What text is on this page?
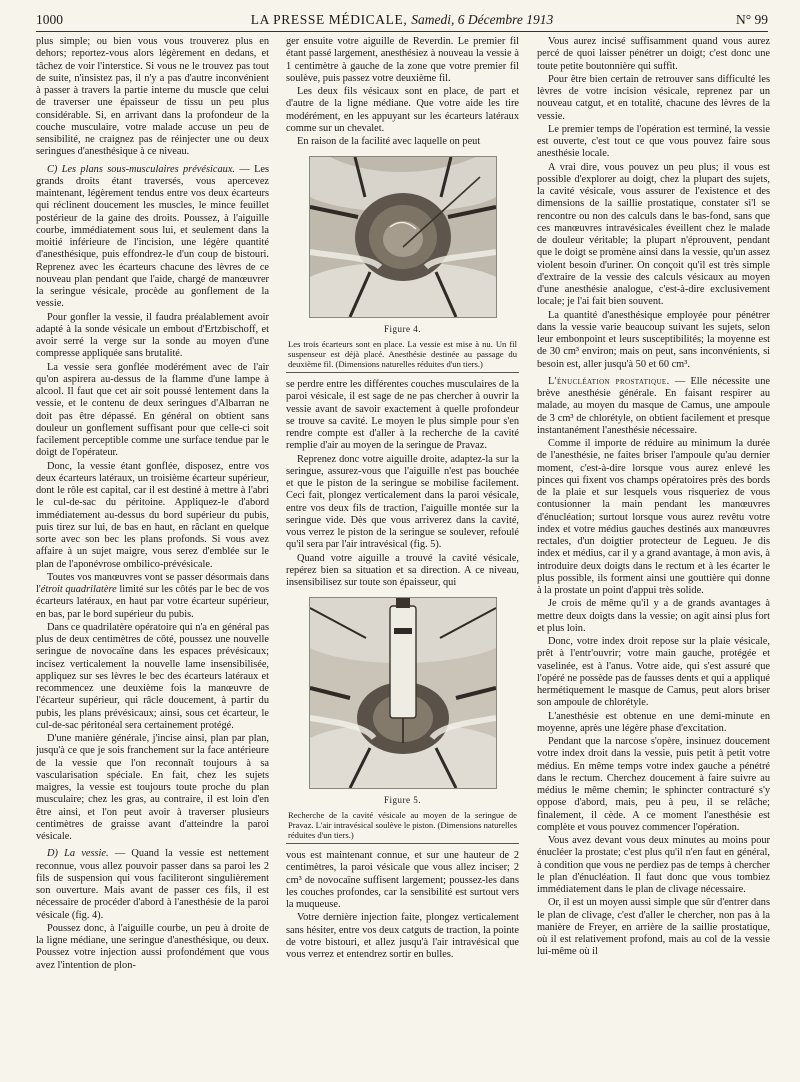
1000	LA PRESSE MÉDICALE, Samedi, 6 Décembre 1913	N° 99

plus simple; ou bien vous vous trouverez plus en dehors; reportez-vous alors légèrement en dedans, et tâchez de voir l'interstice. Si vous ne le trouvez pas tout de suite, n'insistez pas, il n'y a pas d'autre inconvénient à passer à travers la partie interne du muscle que celui de traverser une épaisseur de tissu un peu plus considérable. Si, en arrivant dans la profondeur de la couche musculaire, votre malade accuse un peu de sensibilité, ne craignez pas de réinjecter une ou deux seringues d'anesthésique à ce niveau.

C) Les plans sous-musculaires prévésicaux. — Les grands droits étant traversés, vous apercevez maintenant, légèrement tendus entre vos deux écarteurs qui réclinent doucement les muscles, le mince feuillet postérieur de la gaine des droits. Poussez, à l'aiguille courbe, immédiatement sous lui, et seulement dans la moitié inférieure de l'incision, une légère quantité d'anesthésique, puis effondrez-le d'un coup de bistouri. Reprenez avec les écarteurs chacune des lèvres de ce nouveau plan pendant que l'aide, chargé de manœuvrer la seringue vésicale, procède au gonflement de la vessie.

Pour gonfler la vessie, il faudra préalablement avoir adapté à la sonde vésicale un embout d'Ertzbischoff, et avoir serré la verge sur la sonde au moyen d'une compresse appliquée sans brutalité.

La vessie sera gonflée modérément avec de l'air qu'on aspirera au-dessus de la flamme d'une lampe à alcool. Il faut que cet air soit poussé lentement dans la vessie, et le contenu de deux seringues d'Albarran ne doit pas être dépassé. En général on obtient sans douleur un gonflement suffisant pour que celle-ci soit facilement perceptible comme une surface tendue par le doigt de l'opérateur.

Donc, la vessie étant gonflée, disposez, entre vos deux écarteurs latéraux, un troisième écarteur supérieur, dont le rôle est capital, car il est destiné à mettre à l'abri le cul-de-sac du péritoine. Appliquez-le d'abord immédiatement au-dessus du bord supérieur du pubis, puis tirez sur lui, de bas en haut, en râclant en quelque sorte avec son bec les plans profonds. Si vous avez affaire à un sujet maigre, vous serez d'emblée sur le plan de l'aponévrose ombilico-prévésicale.

Toutes vos manœuvres vont se passer désormais dans l'étroit quadrilatère limité sur les côtés par le bec de vos écarteurs latéraux, en haut par votre écarteur supérieur, en bas, par le bord supérieur du pubis.

Dans ce quadrilatère opératoire qui n'a en général pas plus de deux centimètres de côté, poussez une nouvelle seringue de novocaïne dans les espaces prévésicaux; incisez verticalement la nouvelle lame insensibilisée, appliquez sur ses lèvres le bec des écarteurs latéraux et recommencez une deuxième fois la manœuvre de l'écarteur supérieur, qui râcle doucement, à partir du pubis, les plans prévésicaux; ainsi, sous cet écarteur, le cul-de-sac péritonéal sera certainement protégé.

D'une manière générale, j'incise ainsi, plan par plan, jusqu'à ce que je sois franchement sur la face antérieure de la vessie que l'on reconnaît toujours à sa vascularisation spéciale. En fait, chez les sujets maigres, la vessie est toujours toute proche du plan musculaire; chez les gras, au contraire, il est loin d'en être ainsi, et l'on peut avoir à traverser plusieurs centimètres de graisse avant d'atteindre la paroi vésicale.

D) La vessie. — Quand la vessie est nettement reconnue, vous allez pouvoir passer dans sa paroi les 2 fils de suspension qui vous faciliteront singulièrement son ouverture. Mais avant de passer ces fils, il est nécessaire de procéder d'abord à l'anesthésie de la paroi vésicale (fig. 4).

Poussez donc, à l'aiguille courbe, un peu à droite de la ligne médiane, une seringue d'anesthésique, ou deux. Poussez votre injection aussi profondément que vous avez l'intention de plon-

ger ensuite votre aiguille de Reverdin. Le premier fil étant passé largement, anesthésiez à nouveau la vessie à 1 centimètre à gauche de la zone que votre premier fil soulève, puis passez votre deuxième fil.

Les deux fils vésicaux sont en place, de part et d'autre de la ligne médiane. Que votre aide les tire modérément, en les appuyant sur les écarteurs latéraux comme sur un chevalet.

En raison de la facilité avec laquelle on peut

Figure 4.
Les trois écarteurs sont en place. La vessie est mise à nu. Un fil suspenseur est déjà placé. Anesthésie destinée au passage du deuxième fil. (Dimensions naturelles réduites d'un tiers.)

se perdre entre les différentes couches musculaires de la paroi vésicale, il est sage de ne pas chercher à ouvrir la vessie avant de savoir exactement à quelle profondeur se trouve sa cavité. Le moyen le plus simple pour s'en rendre compte est d'aller à la recherche de la cavité remplie d'air au moyen de la seringue de Pravaz.

Reprenez donc votre aiguille droite, adaptez-la sur la seringue, assurez-vous que l'aiguille n'est pas bouchée et que le piston de la seringue se mobilise facilement. Ceci fait, plongez verticalement dans la paroi vésicale, entre vos deux fils de traction, l'aiguille montée sur la seringue vide. Dès que vous arriverez dans la cavité, vous verrez le piston de la seringue se soulever, refoulé qu'il sera par l'air intravésical (fig. 5).

Quand votre aiguille a trouvé la cavité vésicale, repérez bien sa situation et sa direction. A ce niveau, insensibilisez sur toute son épaisseur, qui

Figure 5.
Recherche de la cavité vésicale au moyen de la seringue de Pravaz. L'air intravésical soulève le piston. (Dimensions naturelles réduites d'un tiers.)

vous est maintenant connue, et sur une hauteur de 2 centimètres, la paroi vésicale que vous allez inciser; 2 cm³ de novocaïne suffisent largement; poussez-les dans les couches profondes, car la sensibilité est surtout vers la muqueuse.

Votre dernière injection faite, plongez verticalement sans hésiter, entre vos deux catguts de traction, la pointe de votre bistouri, et allez jusqu'à l'air intravésical que vous verrez et entendrez sortir en bulles.

Vous aurez incisé suffisamment quand vous aurez percé de quoi laisser pénétrer un doigt; c'est donc une toute petite boutonnière qui suffit.

Pour être bien certain de retrouver sans difficulté les lèvres de votre incision vésicale, reprenez par un nouveau catgut, et en totalité, chacune des lèvres de la vessie.

Le premier temps de l'opération est terminé, la vessie est ouverte, c'est tout ce que vous pouvez faire sous anesthésie locale.

A vrai dire, vous pouvez un peu plus; il vous est possible d'explorer au doigt, chez la plupart des sujets, la cavité vésicale, vous assurer de l'existence et des dimensions de la saillie prostatique, constater si'l se rencontre ou non des calculs dans le bas-fond, sans que ces manœuvres intravésicales éveillent chez le malade de douleur véritable; la plupart n'éprouvent, pendant que le doigt se promène ainsi dans la vessie, qu'un assez violent besoin d'uriner. On conçoit qu'il est très simple d'extraire de la vessie des calculs vésicaux au moyen d'une anesthésie analogue, c'est-à-dire exclusivement locale; je l'ai fait bien souvent.

La quantité d'anesthésique employée pour pénétrer dans la vessie varie beaucoup suivant les sujets, selon leur embonpoint et leurs susceptibilités; la moyenne est de 30 cm³ environ; mais on peut, sans inconvénients, si besoin est, aller jusqu'à 50 et 60 cm³.

L'énucléation prostatique. — Elle nécessite une brève anesthésie générale. En faisant respirer au malade, au moyen du masque de Camus, une ampoule de 3 cm³ de chlorétyle, on obtient facilement et presque instantanément l'anesthésie nécessaire.

Comme il importe de réduire au minimum la durée de l'anesthésie, ne faites briser l'ampoule qu'au dernier moment, c'est-à-dire lorsque vous aurez enlevé les pinces qui fixent vos champs opératoires près des bords de la plaie et sur lesquels vous risqueriez de vous contusionner la main pendant les manœuvres d'énucléation; surtout lorsque vous aurez revêtu votre index et votre médius gauches destinés aux manœuvres rectales, d'un doigtier protecteur de Legueu. Je dis index et médius, car il y a grand avantage, à mon avis, à introduire deux doigts dans le rectum et à les écarter le plus possible, ils forment ainsi une gouttière qui donne à la prostate un point d'appui très solide.

Je crois de même qu'il y a de grands avantages à mettre deux doigts dans la vessie; on agit ainsi plus fort et plus loin.

Donc, votre index droit repose sur la plaie vésicale, prêt à l'entr'ouvrir; votre main gauche, protégée et vaselinée, est à l'anus. Votre aide, qui s'est assuré que l'opéré ne possède pas de fausses dents et qui a appliqué hermétiquement le masque de Camus, peut alors briser son ampoule de chlorétyle.

L'anesthésie est obtenue en une demi-minute en moyenne, après une légère phase d'excitation.

Pendant que la narcose s'opère, insinuez doucement votre index droit dans la vessie, puis petit à petit votre médius. En même temps votre index gauche a pénétré dans le rectum. Cherchez doucement à faire suivre au médius le même chemin; le sphincter contracturé s'y oppose d'abord, mais, peu à peu, il se relâche; finalement, il cède. A ce moment l'anesthésie est complète et vous pouvez commencer l'opération.

Vous avez devant vous deux minutes au moins pour énucléer la prostate; c'est plus qu'il n'en faut en général, à condition que vous ne perdiez pas de temps à chercher le plan d'énucléation. Il faut donc que vous tombiez immédiatement dans le plan de clivage nécessaire.

Or, il est un moyen aussi simple que sûr d'entrer dans le plan de clivage, c'est d'aller le chercher, non pas à la manière de Freyer, en arrière de la saillie prostatique, où il est relativement profond, mais au col de la vessie lui-même où il
